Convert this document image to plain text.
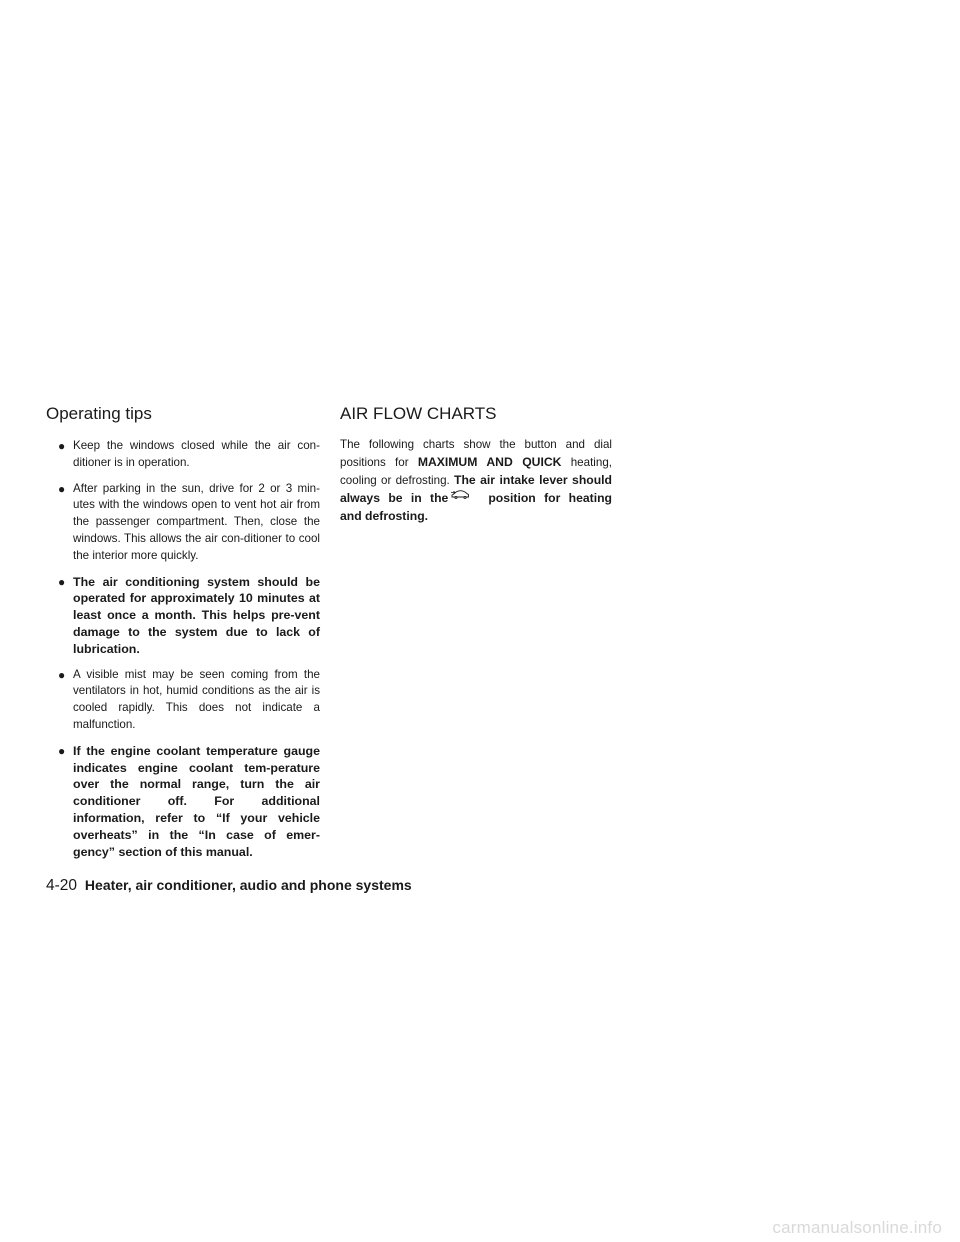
Operating tips
● Keep the windows closed while the air con-ditioner is in operation.
● After parking in the sun, drive for 2 or 3 min-utes with the windows open to vent hot air from the passenger compartment. Then, close the windows. This allows the air con-ditioner to cool the interior more quickly.
● The air conditioning system should be operated for approximately 10 minutes at least once a month. This helps pre-vent damage to the system due to lack of lubrication.
● A visible mist may be seen coming from the ventilators in hot, humid conditions as the air is cooled rapidly. This does not indicate a malfunction.
● If the engine coolant temperature gauge indicates engine coolant tem-perature over the normal range, turn the air conditioner off. For additional information, refer to “If your vehicle overheats” in the “In case of emer-gency” section of this manual.
AIR FLOW CHARTS

The following charts show the button and dial positions for MAXIMUM AND QUICK heating, cooling or defrosting. The air intake lever should always be in the	position for heating and defrosting.

4-20 Heater, air conditioner, audio and phone systems
carmanualsonline.info
